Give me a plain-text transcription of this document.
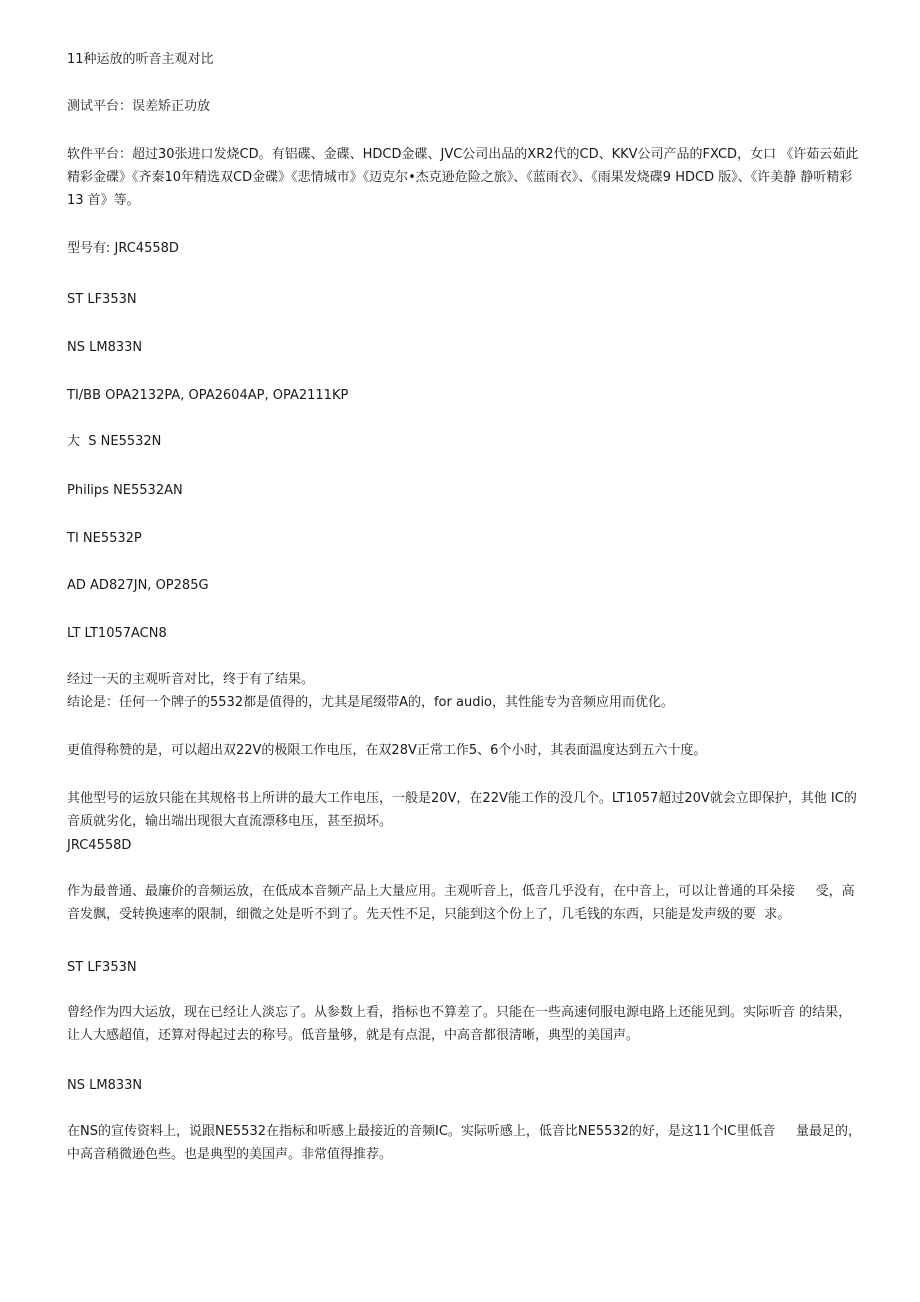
11种运放的听音主观对比

测试平台：误差矫正功放

软件平台：超过30张进口发烧CD。有铝碟、金碟、HDCD金碟、JVC公司出品的XR2代的CD、KKV公司产品的FXCD，女口 《许茹云茹此精彩金碟》《齐秦10年精选双CD金碟》《悲情城市》《迈克尔•杰克逊危险之旅》、《蓝雨衣》、《雨果发烧碟9 HDCD 版》、《许美静 静听精彩 13 首》等。

型号有: JRC4558D

ST LF353N

NS LM833N

TI/BB OPA2132PA, OPA2604AP, OPA2111KP

大  S NE5532N

Philips NE5532AN

TI NE5532P

AD AD827JN, OP285G

LT LT1057ACN8

经过一天的主观听音对比，终于有了结果。

结论是：任何一个牌子的5532都是值得的，尤其是尾缀带A的，for audio，其性能专为音频应用而优化。

更值得称赞的是，可以超出双22V的极限工作电压，在双28V正常工作5、6个小时，其表面温度达到五六十度。

其他型号的运放只能在其规格书上所讲的最大工作电压，一般是20V，在22V能工作的没几个。LT1057超过20V就会立即保护，其他 IC的音质就劣化，输出端出现很大直流漂移电压，甚至损坏。

JRC4558D

作为最普通、最廉价的音频运放，在低成本音频产品上大量应用。主观听音上，低音几乎没有，在中音上，可以让普通的耳朵接     受，高音发飘，受转换速率的限制，细微之处是听不到了。先天性不足，只能到这个份上了，几毛钱的东西，只能是发声级的要  求。

ST LF353N

曾经作为四大运放，现在已经让人淡忘了。从参数上看，指标也不算差了。只能在一些高速伺服电源电路上还能见到。实际听音 的结果，让人大感超值，还算对得起过去的称号。低音量够，就是有点混，中高音都很清晰，典型的美国声。

NS LM833N

在NS的宣传资料上，说跟NE5532在指标和听感上最接近的音频IC。实际听感上，低音比NE5532的好，是这11个IC里低音     量最足的，中高音稍微逊色些。也是典型的美国声。非常值得推荐。
